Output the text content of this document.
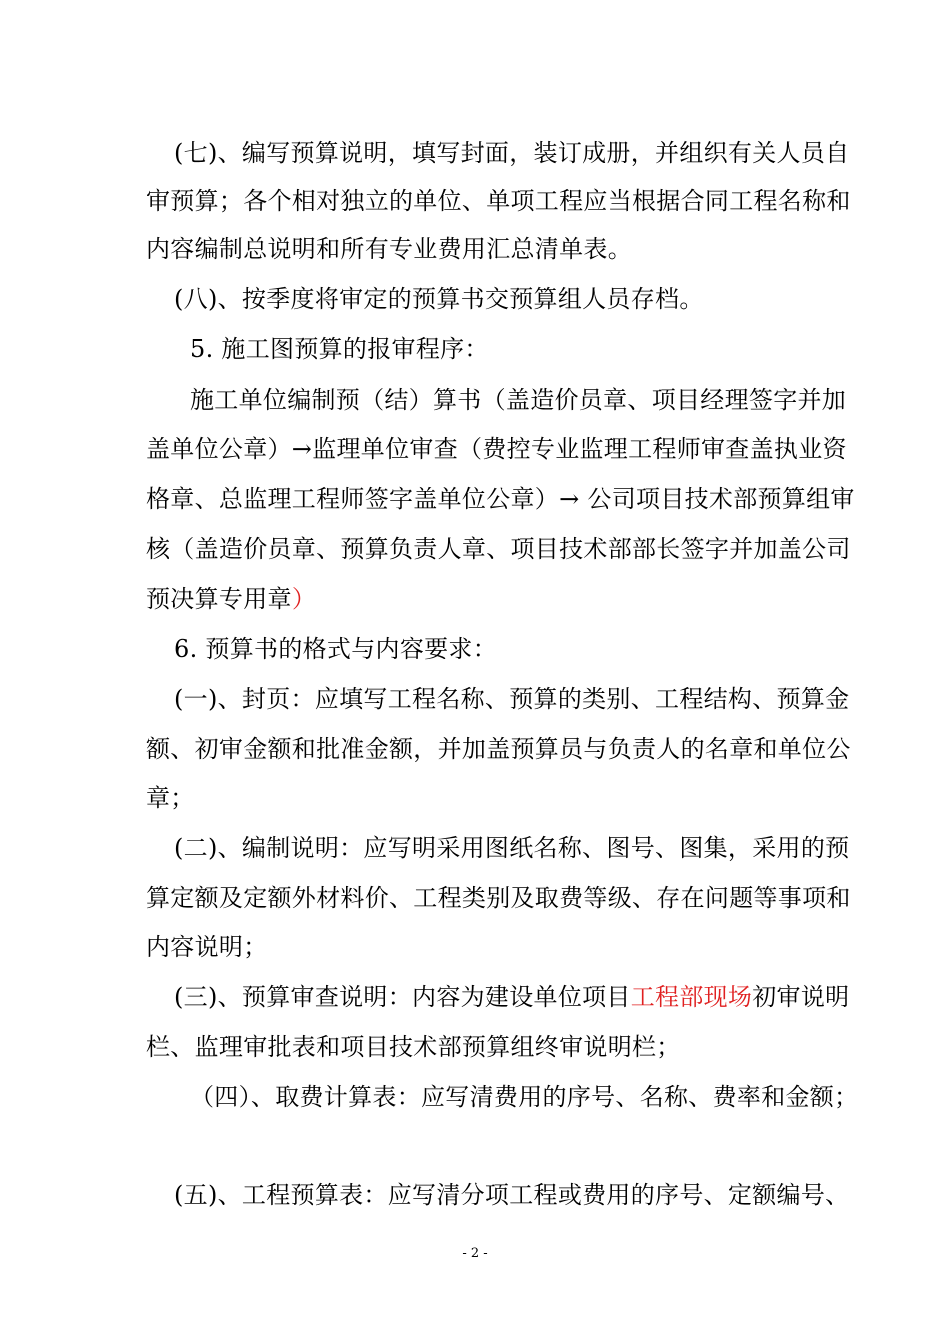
(七)、编写预算说明，填写封面，装订成册，并组织有关人员自
审预算；各个相对独立的单位、单项工程应当根据合同工程名称和
内容编制总说明和所有专业费用汇总清单表。
(八)、按季度将审定的预算书交预算组人员存档。
5. 施工图预算的报审程序：
施工单位编制预（结）算书（盖造价员章、项目经理签字并加
盖单位公章）→监理单位审查（费控专业监理工程师审查盖执业资
格章、总监理工程师签字盖单位公章）→ 公司项目技术部预算组审
核（盖造价员章、预算负责人章、项目技术部部长签字并加盖公司
预决算专用章）
6. 预算书的格式与内容要求：
(一)、封页：应填写工程名称、预算的类别、工程结构、预算金
额、初审金额和批准金额，并加盖预算员与负责人的名章和单位公
章；
(二)、编制说明：应写明采用图纸名称、图号、图集，采用的预
算定额及定额外材料价、工程类别及取费等级、存在问题等事项和
内容说明；
(三)、预算审查说明：内容为建设单位项目工程部现场初审说明
栏、监理审批表和项目技术部预算组终审说明栏；
（四）、取费计算表：应写清费用的序号、名称、费率和金额；
(五)、工程预算表：应写清分项工程或费用的序号、定额编号、
- 2 -
